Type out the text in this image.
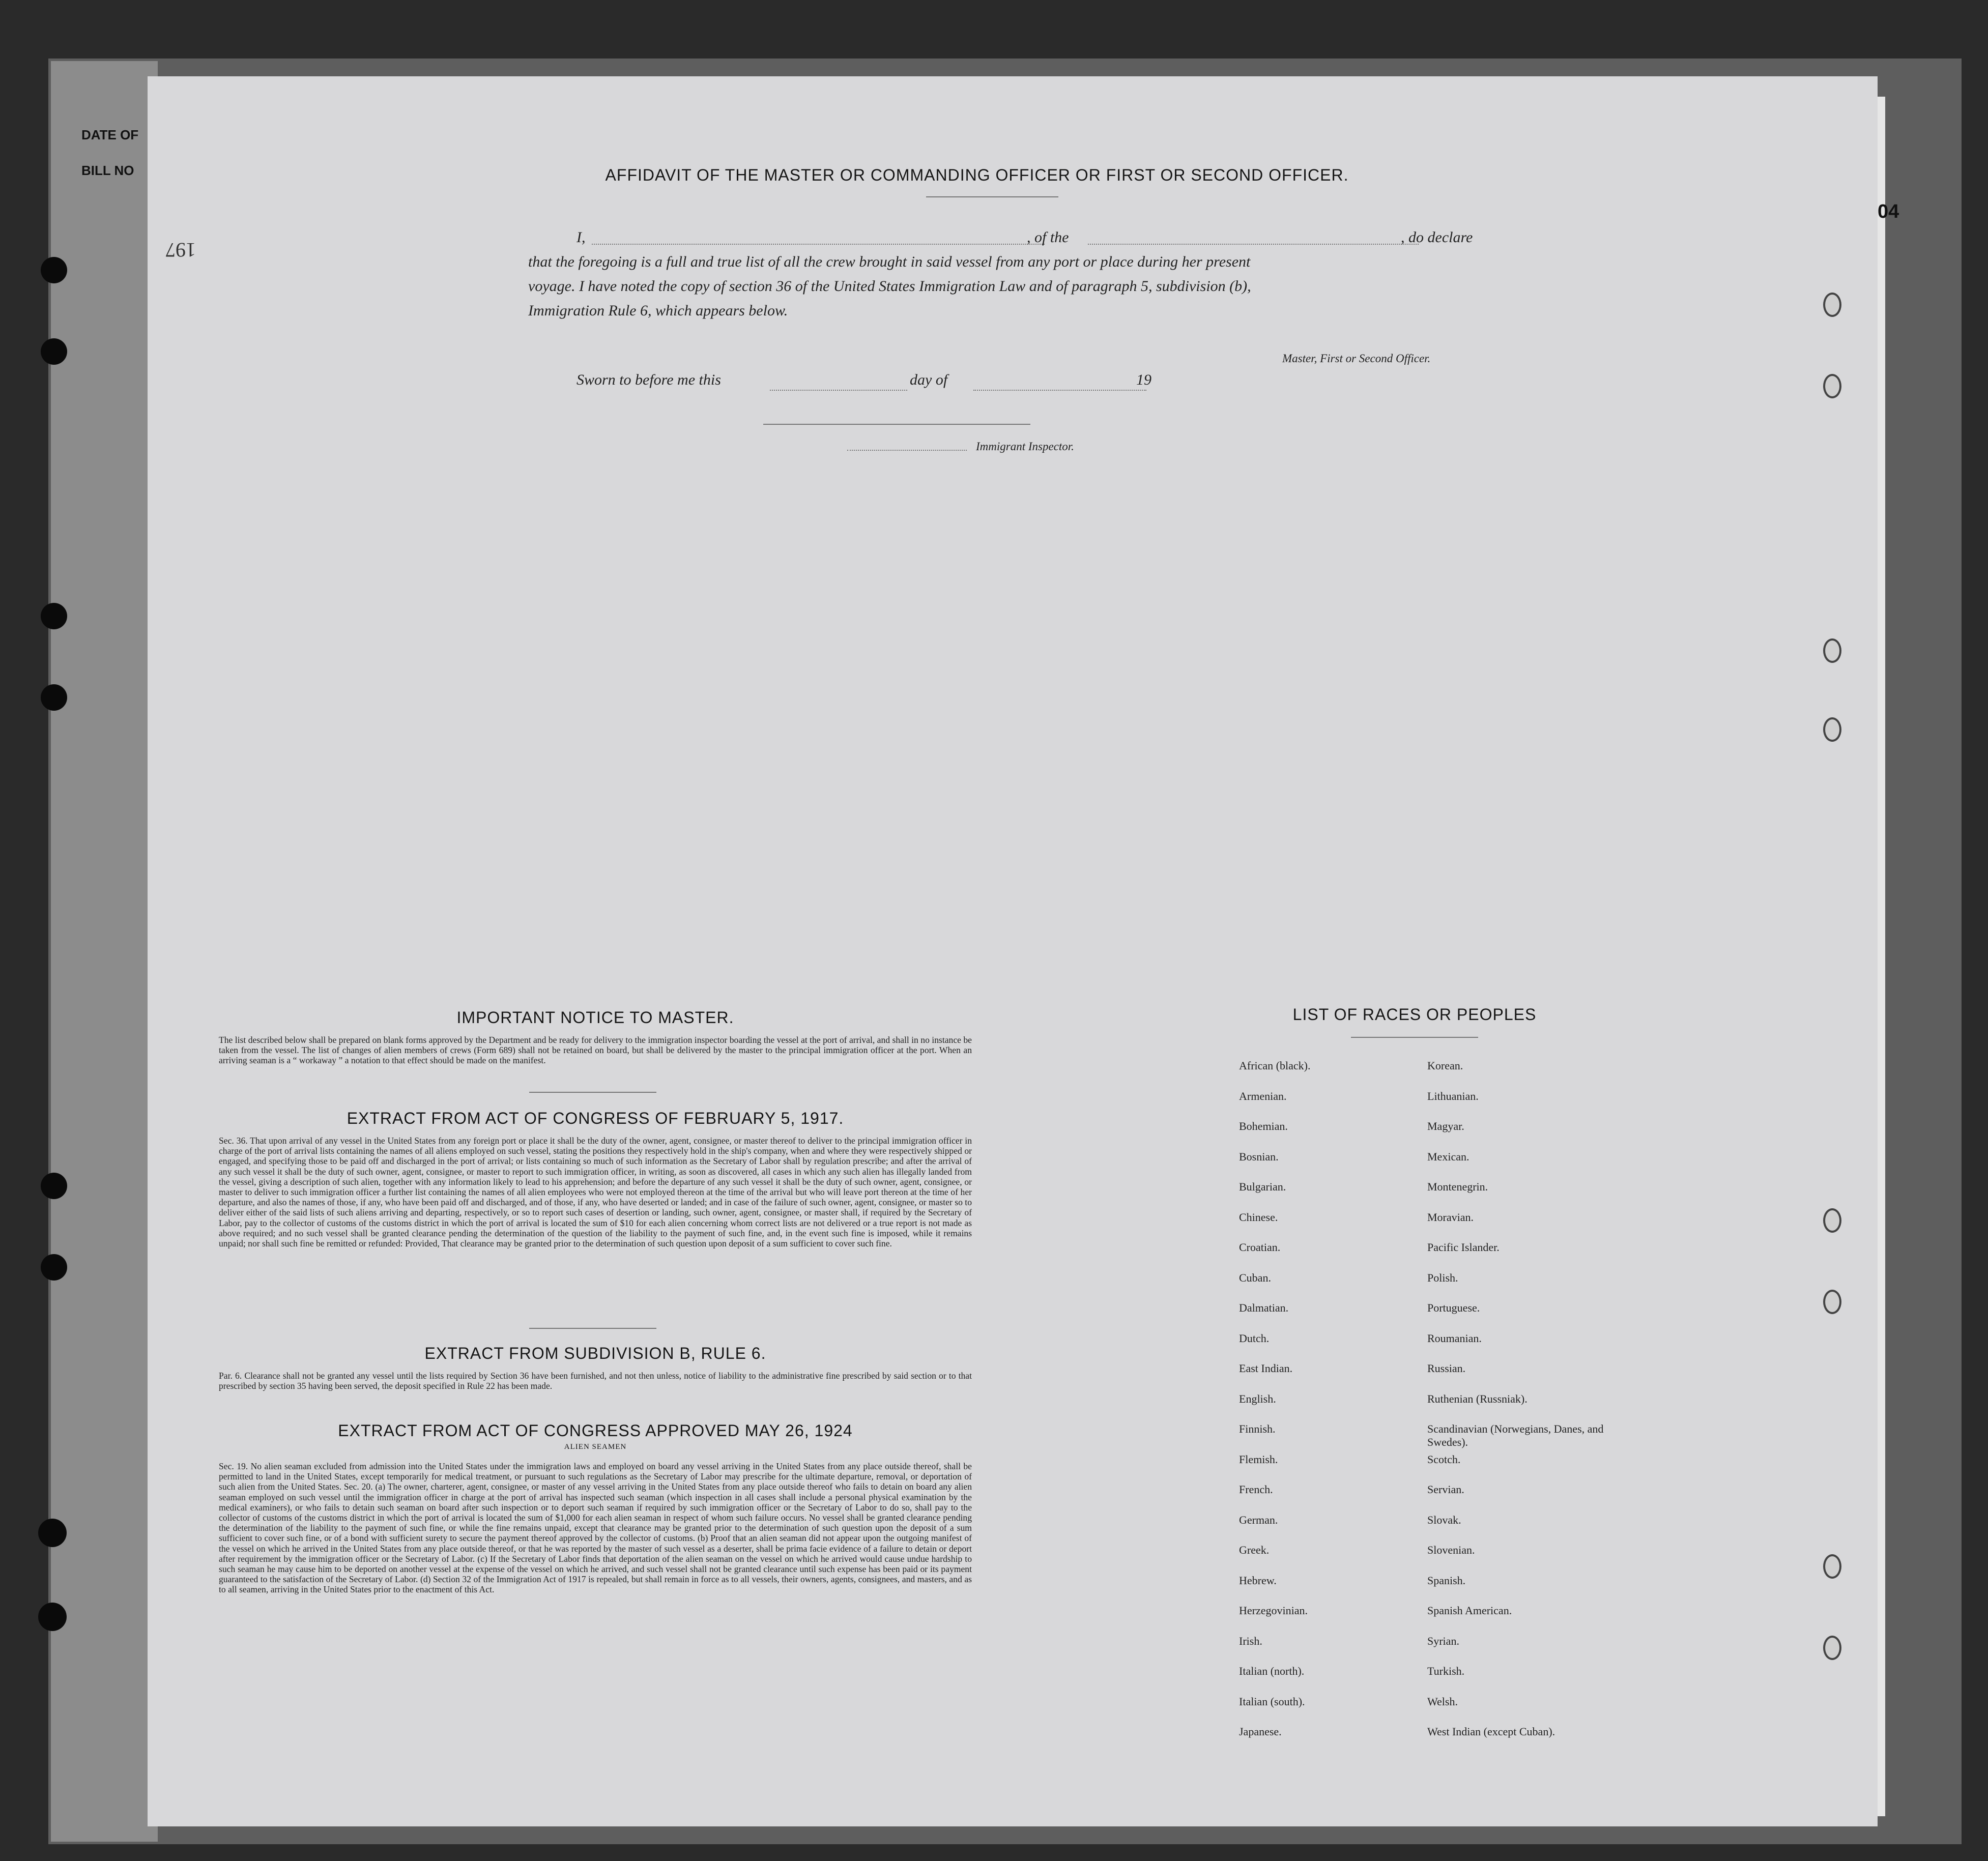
DATE OF
BILL NO
197
04
AFFIDAVIT OF THE MASTER OR COMMANDING OFFICER OR FIRST OR SECOND OFFICER.
I,	, of the	, do declare
that the foregoing is a full and true list of all the crew brought in said vessel from any port or place during her present
voyage. I have noted the copy of section 36 of the United States Immigration Law and of paragraph 5, subdivision (b),
Immigration Rule 6, which appears below.
Master, First or Second Officer.
Sworn to before me this	day of	19
Immigrant Inspector.
IMPORTANT NOTICE TO MASTER.
The list described below shall be prepared on blank forms approved by the Department and be ready for delivery to the immigration inspector boarding the vessel at the port of arrival, and shall in no instance be taken from the vessel. The list of changes of alien members of crews (Form 689) shall not be retained on board, but shall be delivered by the master to the principal immigration officer at the port. When an arriving seaman is a “ workaway ” a notation to that effect should be made on the manifest.
EXTRACT FROM ACT OF CONGRESS OF FEBRUARY 5, 1917.
Sec. 36. That upon arrival of any vessel in the United States from any foreign port or place it shall be the duty of the owner, agent, consignee, or master thereof to deliver to the principal immigration officer in charge of the port of arrival lists containing the names of all aliens employed on such vessel, stating the positions they respectively hold in the ship's company, when and where they were respectively shipped or engaged, and specifying those to be paid off and discharged in the port of arrival; or lists containing so much of such information as the Secretary of Labor shall by regulation prescribe; and after the arrival of any such vessel it shall be the duty of such owner, agent, consignee, or master to report to such immigration officer, in writing, as soon as discovered, all cases in which any such alien has illegally landed from the vessel, giving a description of such alien, together with any information likely to lead to his apprehension; and before the departure of any such vessel it shall be the duty of such owner, agent, consignee, or master to deliver to such immigration officer a further list containing the names of all alien employees who were not employed thereon at the time of the arrival but who will leave port thereon at the time of her departure, and also the names of those, if any, who have been paid off and discharged, and of those, if any, who have deserted or landed; and in case of the failure of such owner, agent, consignee, or master so to deliver either of the said lists of such aliens arriving and departing, respectively, or so to report such cases of desertion or landing, such owner, agent, consignee, or master shall, if required by the Secretary of Labor, pay to the collector of customs of the customs district in which the port of arrival is located the sum of $10 for each alien concerning whom correct lists are not delivered or a true report is not made as above required; and no such vessel shall be granted clearance pending the determination of the question of the liability to the payment of such fine, and, in the event such fine is imposed, while it remains unpaid; nor shall such fine be remitted or refunded: Provided, That clearance may be granted prior to the determination of such question upon deposit of a sum sufficient to cover such fine.
EXTRACT FROM SUBDIVISION B, RULE 6.
Par. 6. Clearance shall not be granted any vessel until the lists required by Section 36 have been furnished, and not then unless, notice of liability to the administrative fine prescribed by said section or to that prescribed by section 35 having been served, the deposit specified in Rule 22 has been made.
EXTRACT FROM ACT OF CONGRESS APPROVED MAY 26, 1924
ALIEN SEAMEN
Sec. 19. No alien seaman excluded from admission into the United States under the immigration laws and employed on board any vessel arriving in the United States from any place outside thereof, shall be permitted to land in the United States, except temporarily for medical treatment, or pursuant to such regulations as the Secretary of Labor may prescribe for the ultimate departure, removal, or deportation of such alien from the United States. Sec. 20. (a) The owner, charterer, agent, consignee, or master of any vessel arriving in the United States from any place outside thereof who fails to detain on board any alien seaman employed on such vessel until the immigration officer in charge at the port of arrival has inspected such seaman (which inspection in all cases shall include a personal physical examination by the medical examiners), or who fails to detain such seaman on board after such inspection or to deport such seaman if required by such immigration officer or the Secretary of Labor to do so, shall pay to the collector of customs of the customs district in which the port of arrival is located the sum of $1,000 for each alien seaman in respect of whom such failure occurs. No vessel shall be granted clearance pending the determination of the liability to the payment of such fine, or while the fine remains unpaid, except that clearance may be granted prior to the determination of such question upon the deposit of a sum sufficient to cover such fine, or of a bond with sufficient surety to secure the payment thereof approved by the collector of customs. (b) Proof that an alien seaman did not appear upon the outgoing manifest of the vessel on which he arrived in the United States from any place outside thereof, or that he was reported by the master of such vessel as a deserter, shall be prima facie evidence of a failure to detain or deport after requirement by the immigration officer or the Secretary of Labor. (c) If the Secretary of Labor finds that deportation of the alien seaman on the vessel on which he arrived would cause undue hardship to such seaman he may cause him to be deported on another vessel at the expense of the vessel on which he arrived, and such vessel shall not be granted clearance until such expense has been paid or its payment guaranteed to the satisfaction of the Secretary of Labor. (d) Section 32 of the Immigration Act of 1917 is repealed, but shall remain in force as to all vessels, their owners, agents, consignees, and masters, and as to all seamen, arriving in the United States prior to the enactment of this Act.
LIST OF RACES OR PEOPLES
African (black).	Korean.
Armenian.	Lithuanian.
Bohemian.	Magyar.
Bosnian.	Mexican.
Bulgarian.	Montenegrin.
Chinese.	Moravian.
Croatian.	Pacific Islander.
Cuban.	Polish.
Dalmatian.	Portuguese.
Dutch.	Roumanian.
East Indian.	Russian.
English.	Ruthenian (Russniak).
Finnish.	Scandinavian (Norwegians, Danes, and Swedes).
Flemish.	Scotch.
French.	Servian.
German.	Slovak.
Greek.	Slovenian.
Hebrew.	Spanish.
Herzegovinian.	Spanish American.
Irish.	Syrian.
Italian (north).	Turkish.
Italian (south).	Welsh.
Japanese.	West Indian (except Cuban).
